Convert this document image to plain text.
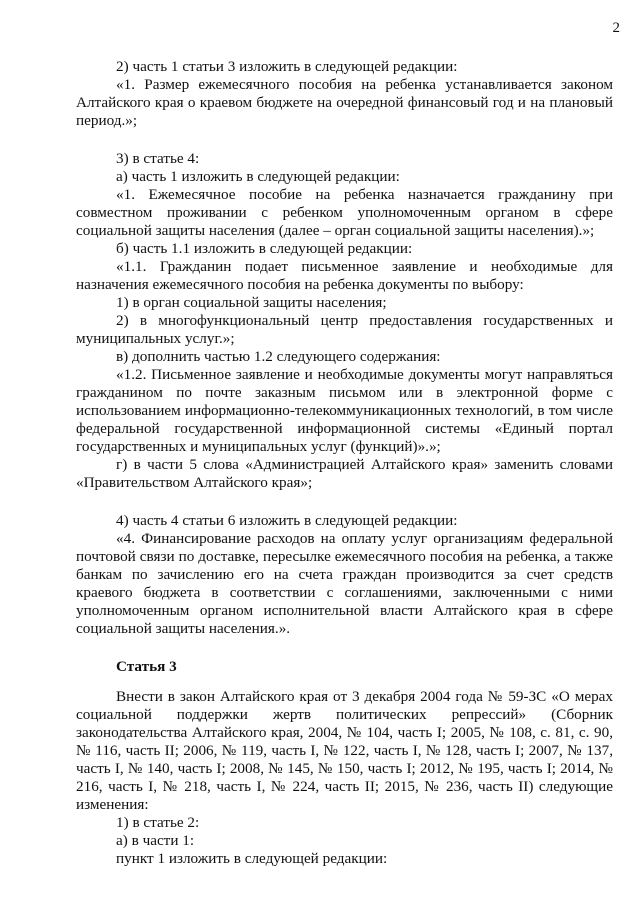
2

2) часть 1 статьи 3 изложить в следующей редакции:

«1. Размер ежемесячного пособия на ребенка устанавливается законом Алтайского края о краевом бюджете на очередной финансовый год и на плановый период.»;

3) в статье 4:

а) часть 1 изложить в следующей редакции:

«1. Ежемесячное пособие на ребенка назначается гражданину при совместном проживании с ребенком уполномоченным органом в сфере социальной защиты населения (далее – орган социальной защиты населения).»;

б) часть 1.1 изложить в следующей редакции:

«1.1. Гражданин подает письменное заявление и необходимые для назначения ежемесячного пособия на ребенка документы по выбору:

1) в орган социальной защиты населения;

2) в многофункциональный центр предоставления государственных и муниципальных услуг.»;

в) дополнить частью 1.2 следующего содержания:

«1.2. Письменное заявление и необходимые документы могут направляться гражданином по почте заказным письмом или в электронной форме с использованием информационно-телекоммуникационных технологий, в том числе федеральной государственной информационной системы «Единый портал государственных и муниципальных услуг (функций)».»;

г) в части 5 слова «Администрацией Алтайского края» заменить словами «Правительством Алтайского края»;

4) часть 4 статьи 6 изложить в следующей редакции:

«4. Финансирование расходов на оплату услуг организациям федеральной почтовой связи по доставке, пересылке ежемесячного пособия на ребенка, а также банкам по зачислению его на счета граждан производится за счет средств краевого бюджета в соответствии с соглашениями, заключенными с ними уполномоченным органом исполнительной власти Алтайского края в сфере социальной защиты населения.».

Статья 3

Внести в закон Алтайского края от 3 декабря 2004 года № 59-ЗС «О мерах социальной поддержки жертв политических репрессий» (Сборник законодательства Алтайского края, 2004, № 104, часть I; 2005, № 108, с. 81, с. 90, № 116, часть II; 2006, № 119, часть I, № 122, часть I, № 128, часть I; 2007, № 137, часть I, № 140, часть I; 2008, № 145, № 150, часть I; 2012, № 195, часть I; 2014, № 216, часть I, № 218, часть I, № 224, часть II; 2015, № 236, часть II) следующие изменения:

1) в статье 2:

а) в части 1:

пункт 1 изложить в следующей редакции:
